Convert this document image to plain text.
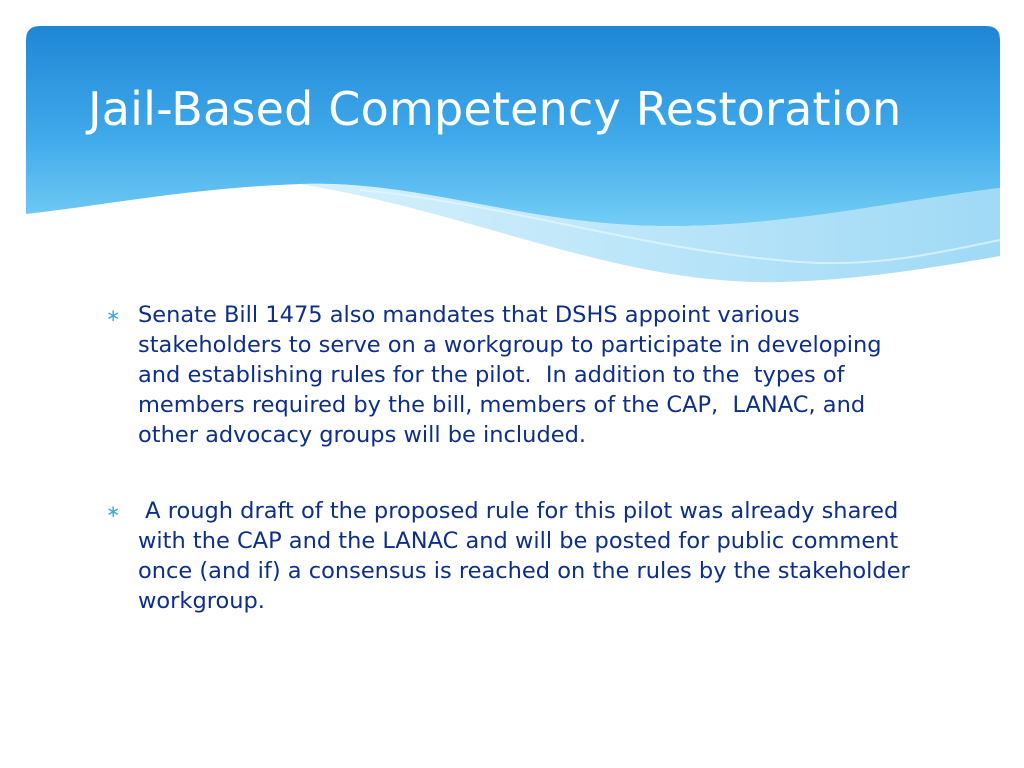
Jail-Based Competency Restoration
∗ Senate Bill 1475 also mandates that DSHS appoint various stakeholders to serve on a workgroup to participate in developing and establishing rules for the pilot.  In addition to the  types of members required by the bill, members of the CAP,  LANAC, and other advocacy groups will be included.
∗ A rough draft of the proposed rule for this pilot was already shared with the CAP and the LANAC and will be posted for public comment once (and if) a consensus is reached on the rules by the stakeholder workgroup.
